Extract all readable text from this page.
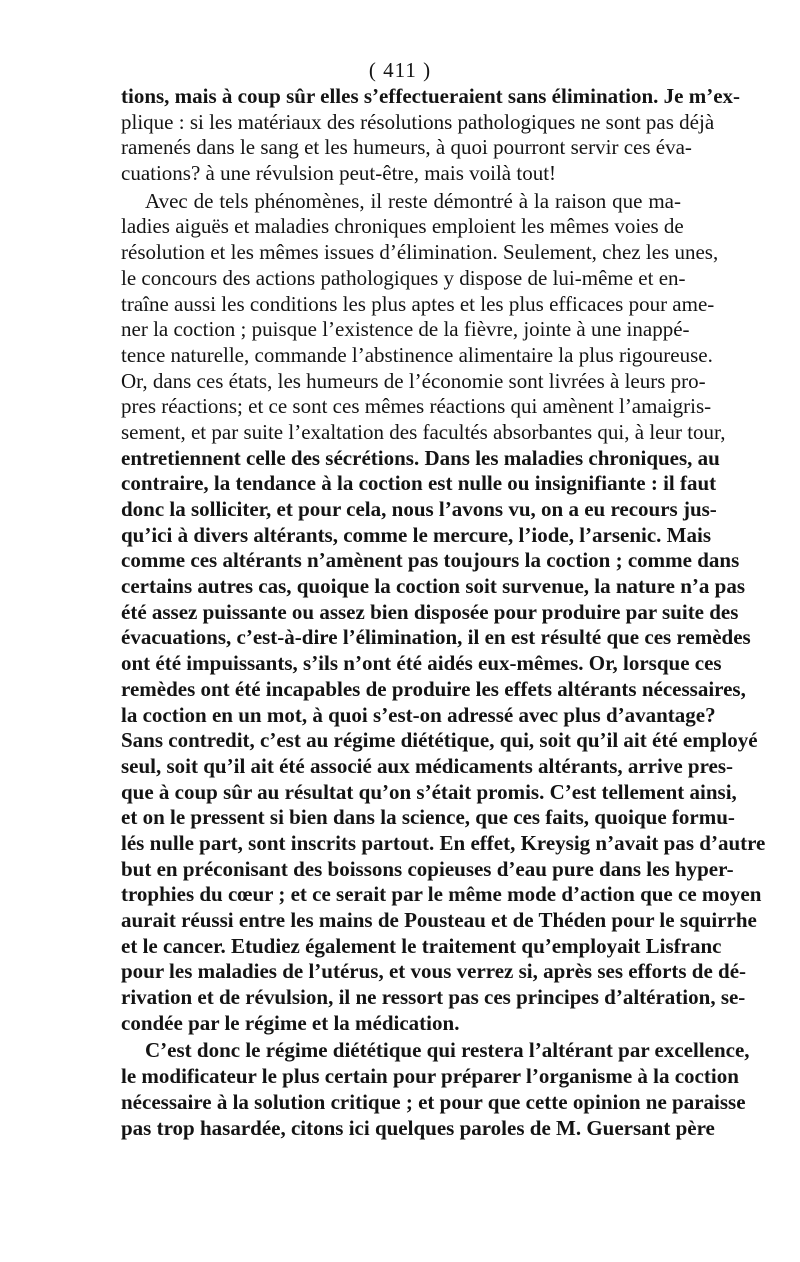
( 411 )
tions, mais à coup sûr elles s’effectueraient sans élimination. Je m’ex-
plique : si les matériaux des résolutions pathologiques ne sont pas déjà
ramenés dans le sang et les humeurs, à quoi pourront servir ces éva-
cuations? à une révulsion peut-être, mais voilà tout!
Avec de tels phénomènes, il reste démontré à la raison que ma-
ladies aiguës et maladies chroniques emploient les mêmes voies de
résolution et les mêmes issues d’élimination. Seulement, chez les unes,
le concours des actions pathologiques y dispose de lui-même et en-
traîne aussi les conditions les plus aptes et les plus efficaces pour ame-
ner la coction ; puisque l’existence de la fièvre, jointe à une inappé-
tence naturelle, commande l’abstinence alimentaire la plus rigoureuse.
Or, dans ces états, les humeurs de l’économie sont livrées à leurs pro-
pres réactions; et ce sont ces mêmes réactions qui amènent l’amaigris-
sement, et par suite l’exaltation des facultés absorbantes qui, à leur tour,
entretiennent celle des sécrétions. Dans les maladies chroniques, au
contraire, la tendance à la coction est nulle ou insignifiante : il faut
donc la solliciter, et pour cela, nous l’avons vu, on a eu recours jus-
qu’ici à divers altérants, comme le mercure, l’iode, l’arsenic. Mais
comme ces altérants n’amènent pas toujours la coction ; comme dans
certains autres cas, quoique la coction soit survenue, la nature n’a pas
été assez puissante ou assez bien disposée pour produire par suite des
évacuations, c’est-à-dire l’élimination, il en est résulté que ces remèdes
ont été impuissants, s’ils n’ont été aidés eux-mêmes. Or, lorsque ces
remèdes ont été incapables de produire les effets altérants nécessaires,
la coction en un mot, à quoi s’est-on adressé avec plus d’avantage?
Sans contredit, c’est au régime diététique, qui, soit qu’il ait été employé
seul, soit qu’il ait été associé aux médicaments altérants, arrive pres-
que à coup sûr au résultat qu’on s’était promis. C’est tellement ainsi,
et on le pressent si bien dans la science, que ces faits, quoique formu-
lés nulle part, sont inscrits partout. En effet, Kreysig n’avait pas d’autre
but en préconisant des boissons copieuses d’eau pure dans les hyper-
trophies du cœur ; et ce serait par le même mode d’action que ce moyen
aurait réussi entre les mains de Pousteau et de Théden pour le squirrhe
et le cancer. Etudiez également le traitement qu’employait Lisfranc
pour les maladies de l’utérus, et vous verrez si, après ses efforts de dé-
rivation et de révulsion, il ne ressort pas ces principes d’altération, se-
condée par le régime et la médication.
C’est donc le régime diététique qui restera l’altérant par excellence,
le modificateur le plus certain pour préparer l’organisme à la coction
nécessaire à la solution critique ; et pour que cette opinion ne paraisse
pas trop hasardée, citons ici quelques paroles de M. Guersant père
